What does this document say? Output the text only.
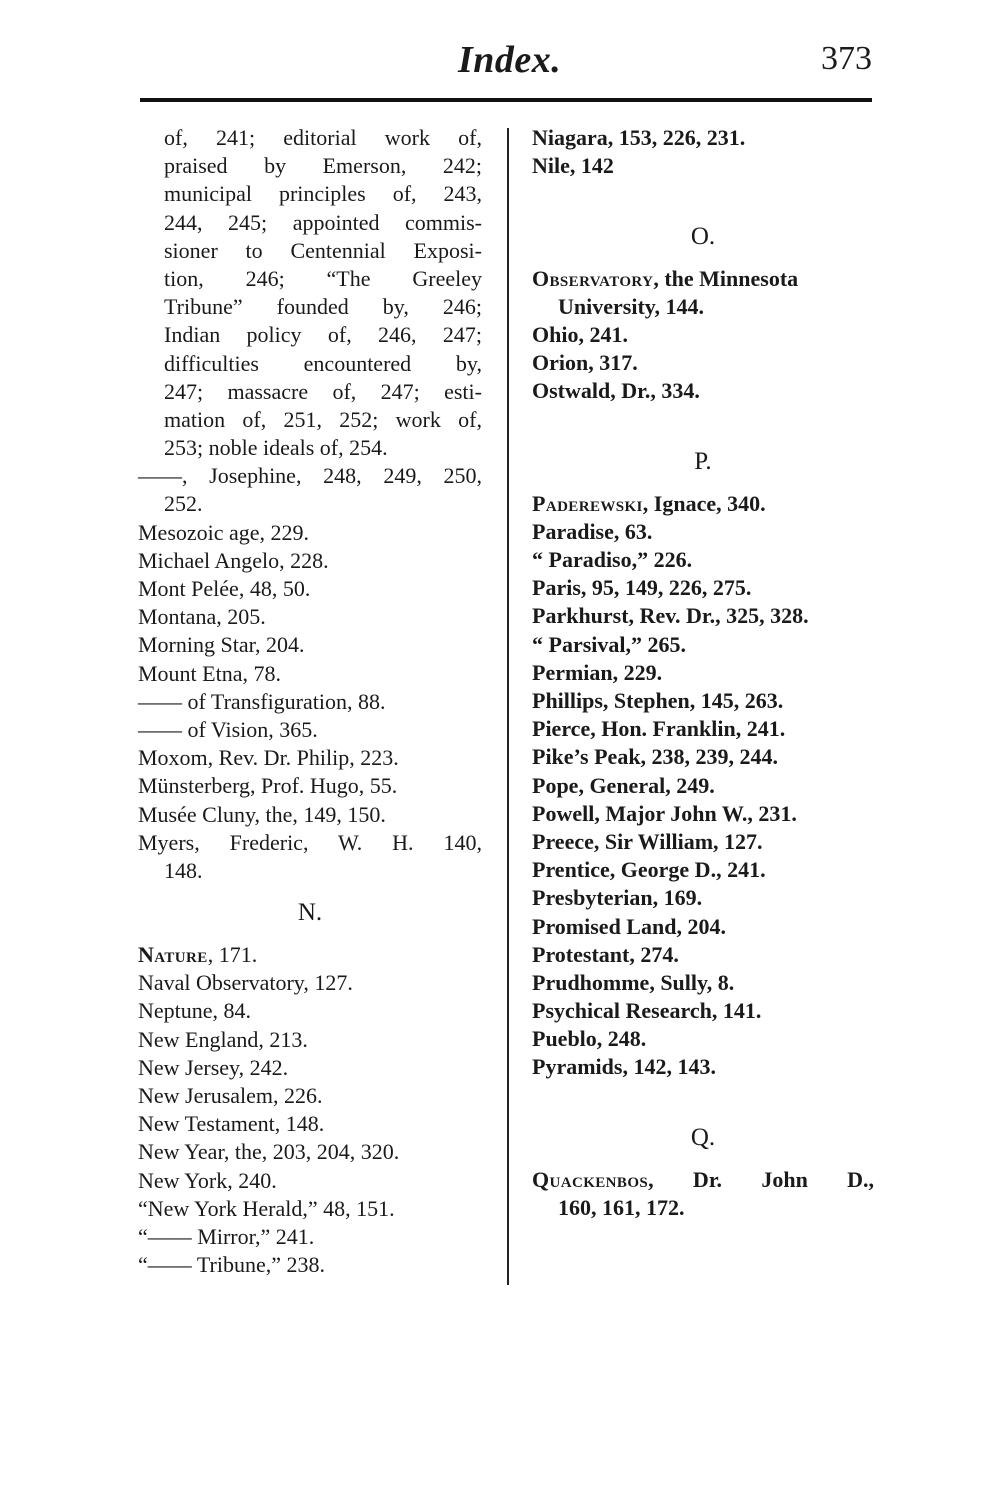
Index.	373
of, 241; editorial work of,
praised by Emerson, 242;
municipal principles of, 243,
244, 245; appointed commis-
sioner to Centennial Exposi-
tion, 246; “The Greeley
Tribune” founded by, 246;
Indian policy of, 246, 247;
difficulties encountered by,
247; massacre of, 247; esti-
mation of, 251, 252; work of,
253; noble ideals of, 254.
——, Josephine, 248, 249, 250,
252.
Mesozoic age, 229.
Michael Angelo, 228.
Mont Pelée, 48, 50.
Montana, 205.
Morning Star, 204.
Mount Etna, 78.
—— of Transfiguration, 88.
—— of Vision, 365.
Moxom, Rev. Dr. Philip, 223.
Münsterberg, Prof. Hugo, 55.
Musée Cluny, the, 149, 150.
Myers, Frederic, W. H. 140,
148.
N.
Nature, 171.
Naval Observatory, 127.
Neptune, 84.
New England, 213.
New Jersey, 242.
New Jerusalem, 226.
New Testament, 148.
New Year, the, 203, 204, 320.
New York, 240.
“New York Herald,” 48, 151.
“—— Mirror,” 241.
“—— Tribune,” 238.
Niagara, 153, 226, 231.
Nile, 142
O.
Observatory, the Minnesota
University, 144.
Ohio, 241.
Orion, 317.
Ostwald, Dr., 334.
P.
Paderewski, Ignace, 340.
Paradise, 63.
“ Paradiso,” 226.
Paris, 95, 149, 226, 275.
Parkhurst, Rev. Dr., 325, 328.
“ Parsival,” 265.
Permian, 229.
Phillips, Stephen, 145, 263.
Pierce, Hon. Franklin, 241.
Pike’s Peak, 238, 239, 244.
Pope, General, 249.
Powell, Major John W., 231.
Preece, Sir William, 127.
Prentice, George D., 241.
Presbyterian, 169.
Promised Land, 204.
Protestant, 274.
Prudhomme, Sully, 8.
Psychical Research, 141.
Pueblo, 248.
Pyramids, 142, 143.
Q.
Quackenbos, Dr. John D.,
160, 161, 172.
